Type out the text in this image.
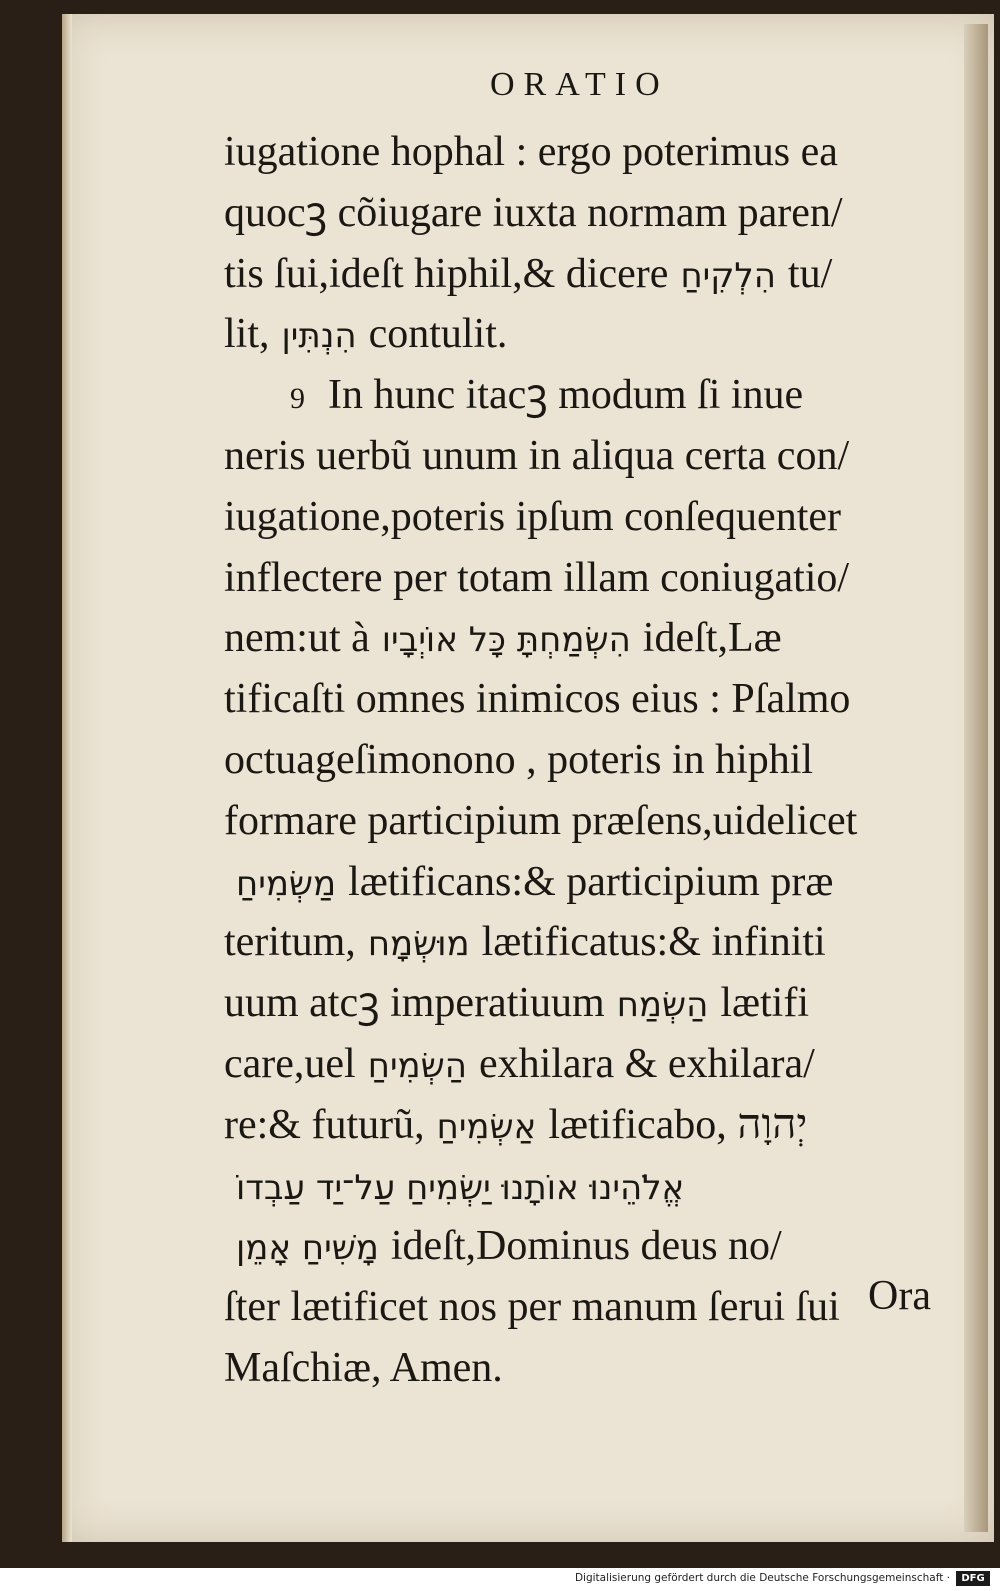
ORATIO
iugatione hophal : ergo poterimus ea
quocꝫ cõiugare iuxta normam paren/
tis ſui,ideſt hiphil,& dicere הִלְקִיחַ tu/
lit, הִנְתִּין contulit.
9 In hunc itacꝫ modum ſi inue
neris uerbũ unum in aliqua certa con/
iugatione,poteris ipſum conſequenter
inflectere per totam illam coniugatio/
nem:ut à הִשְׂמַחְתָּ כָּל אוֹיְבָיו ideſt,Læ
tificaſti omnes inimicos eius : Pſalmo
octuageſimonono , poteris in hiphil
formare participium præſens,uidelicet
מַשְׂמִיחַ lætificans:& participium præ
teritum, מוּשְׂמָח lætificatus:& infiniti
uum atcꝫ imperatiuum הַשְׂמַח lætifi
care,uel הַשְׂמִיחַ exhilara & exhilara/
re:& futurũ, אַשְׂמִיחַ lætificabo, יְהוָה
אֱלֹהֵינוּ אוֹתָנוּ יַשְׂמִיחַ עַל־יַד עַבְדוֹ
מָשִׁיחַ אָמֵן ideſt,Dominus deus no/
ſter lætificet nos per manum ſerui ſui
Maſchiæ, Amen.
Ora
Digitalisierung gefördert durch die Deutsche Forschungsgemeinschaft ·	DFG
